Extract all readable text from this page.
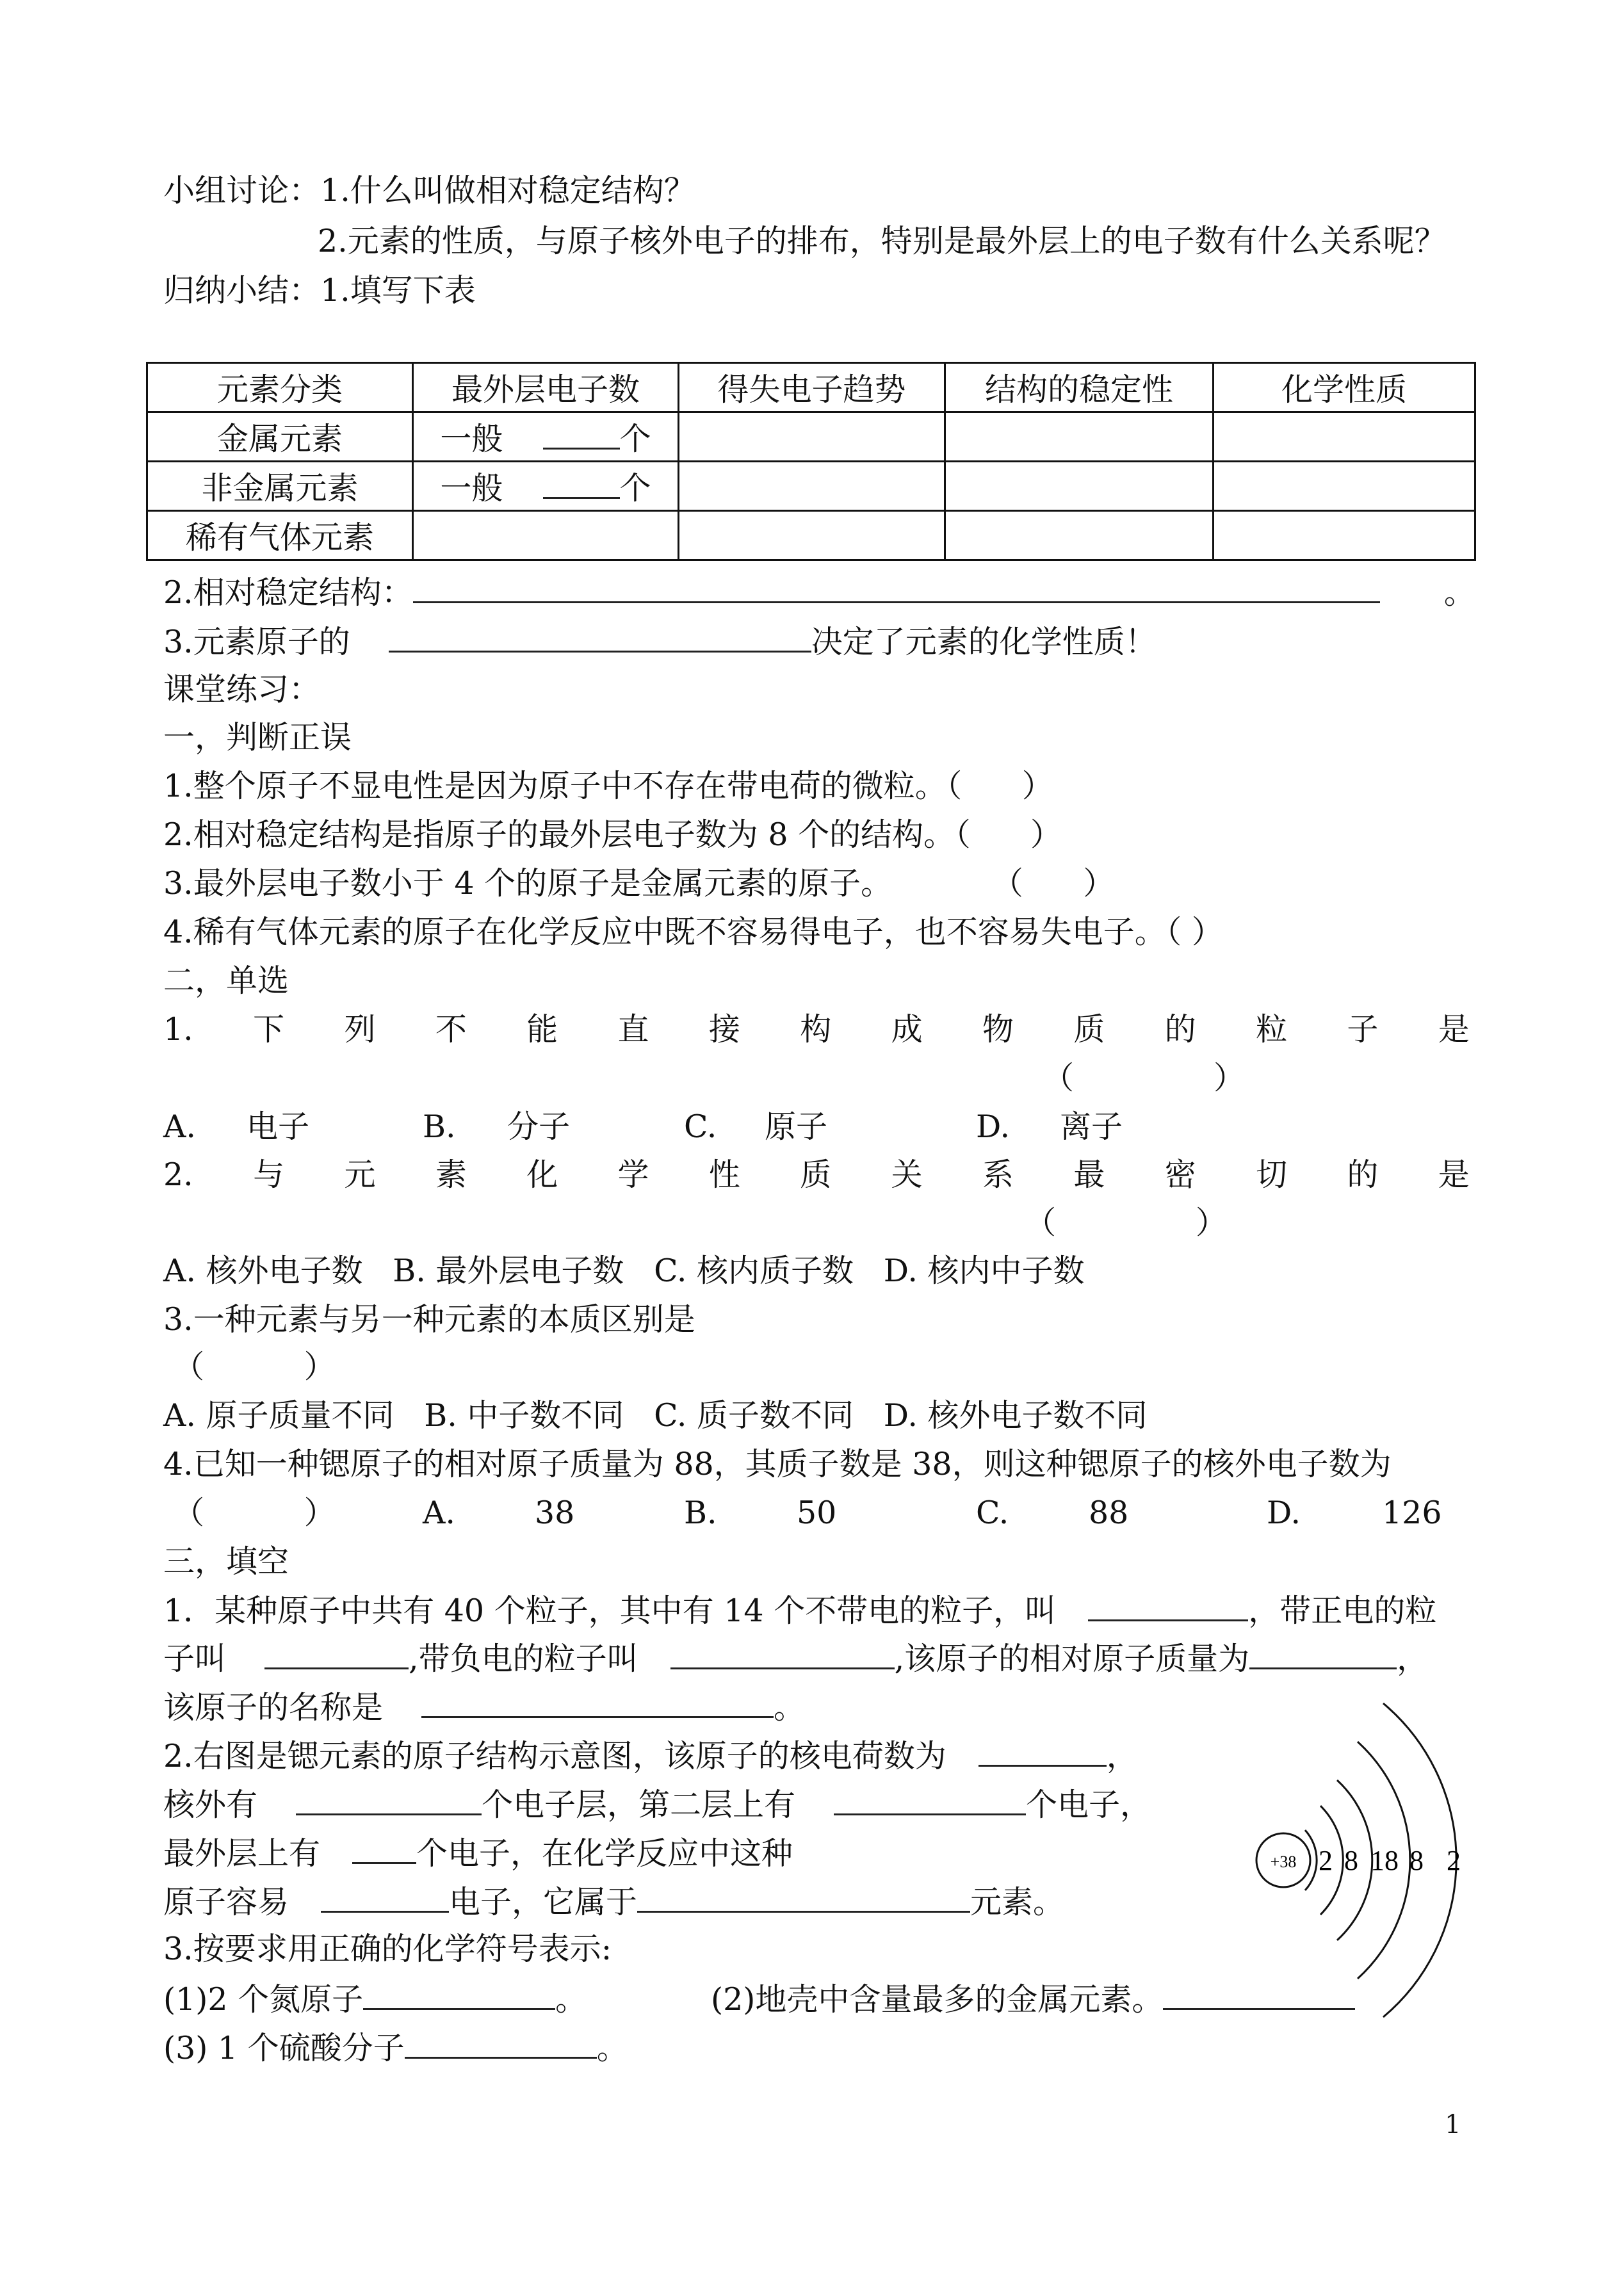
小组讨论：1.什么叫做相对稳定结构？
2.元素的性质，与原子核外电子的排布，特别是最外层上的电子数有什么关系呢？
归纳小结：1.填写下表
元素分类	最外层电子数	得失电子趋势	结构的稳定性	化学性质
金属元素	一般 个			
非金属元素	一般 个			
稀有气体元素				
2.相对稳定结构：	。
3.元素原子的	决定了元素的化学性质！
课堂练习：
一，判断正误
1.整个原子不显电性是因为原子中不存在带电荷的微粒。（      ）
2.相对稳定结构是指原子的最外层电子数为 8 个的结构。（      ）
3.最外层电子数小于 4 个的原子是金属元素的原子。          （      ）
4.稀有气体元素的原子在化学反应中既不容易得电子，也不容易失电子。（ ）
二，单选
1. 下 列 不 能 直 接 构 成 物 质 的 粒 子 是
（              ）
A. 电子	B. 分子	C. 原子	D. 离子
2. 与 元 素 化 学 性 质 关 系 最 密 切 的 是
（              ）
A. 核外电子数   B. 最外层电子数   C. 核内质子数   D. 核内中子数
3.一种元素与另一种元素的本质区别是
（          ）
A. 原子质量不同   B. 中子数不同   C. 质子数不同   D. 核外电子数不同
4.已知一种锶原子的相对原子质量为 88，其质子数是 38，则这种锶原子的核外电子数为
（          ）	A.	38	B.	50	C.	88	D.	126
三，填空
1．某种原子中共有 40 个粒子，其中有 14 个不带电的粒子，叫	，带正电的粒
子叫	,带负电的粒子叫	,该原子的相对原子质量为	，
该原子的名称是	。
2.右图是锶元素的原子结构示意图，该原子的核电荷数为	，
核外有	个电子层，第二层上有	个电子，
最外层上有	个电子，在化学反应中这种
原子容易	电子，它属于	元素。
3.按要求用正确的化学符号表示:
(1)2 个氮原子	。	(2)地壳中含量最多的金属元素。
(3) 1 个硫酸分子	。
+38 2 8 18 8 2
1
